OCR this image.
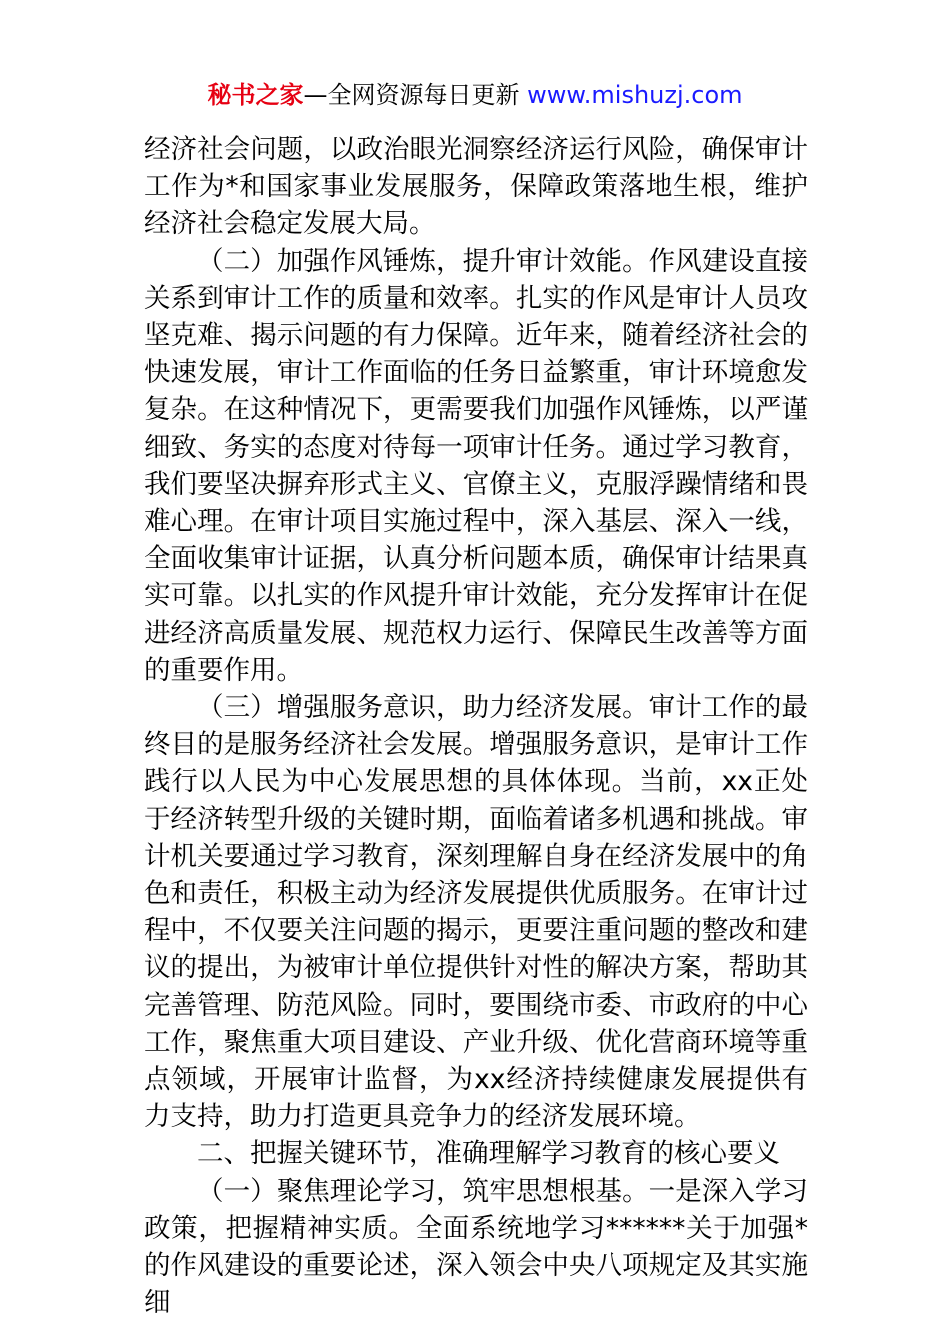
秘书之家—全网资源每日更新 www.mishuzj.com

经济社会问题，以政治眼光洞察经济运行风险，确保审计工作为*和国家事业发展服务，保障政策落地生根，维护经济社会稳定发展大局。

（二）加强作风锤炼，提升审计效能。作风建设直接关系到审计工作的质量和效率。扎实的作风是审计人员攻坚克难、揭示问题的有力保障。近年来，随着经济社会的快速发展，审计工作面临的任务日益繁重，审计环境愈发复杂。在这种情况下，更需要我们加强作风锤炼，以严谨细致、务实的态度对待每一项审计任务。通过学习教育，我们要坚决摒弃形式主义、官僚主义，克服浮躁情绪和畏难心理。在审计项目实施过程中，深入基层、深入一线，全面收集审计证据，认真分析问题本质，确保审计结果真实可靠。以扎实的作风提升审计效能，充分发挥审计在促进经济高质量发展、规范权力运行、保障民生改善等方面的重要作用。

（三）增强服务意识，助力经济发展。审计工作的最终目的是服务经济社会发展。增强服务意识，是审计工作践行以人民为中心发展思想的具体体现。当前，xx正处于经济转型升级的关键时期，面临着诸多机遇和挑战。审计机关要通过学习教育，深刻理解自身在经济发展中的角色和责任，积极主动为经济发展提供优质服务。在审计过程中，不仅要关注问题的揭示，更要注重问题的整改和建议的提出，为被审计单位提供针对性的解决方案，帮助其完善管理、防范风险。同时，要围绕市委、市政府的中心工作，聚焦重大项目建设、产业升级、优化营商环境等重点领域，开展审计监督，为xx经济持续健康发展提供有力支持，助力打造更具竞争力的经济发展环境。

二、把握关键环节，准确理解学习教育的核心要义

（一）聚焦理论学习，筑牢思想根基。一是深入学习政策，把握精神实质。全面系统地学习******关于加强*的作风建设的重要论述，深入领会中央八项规定及其实施细
